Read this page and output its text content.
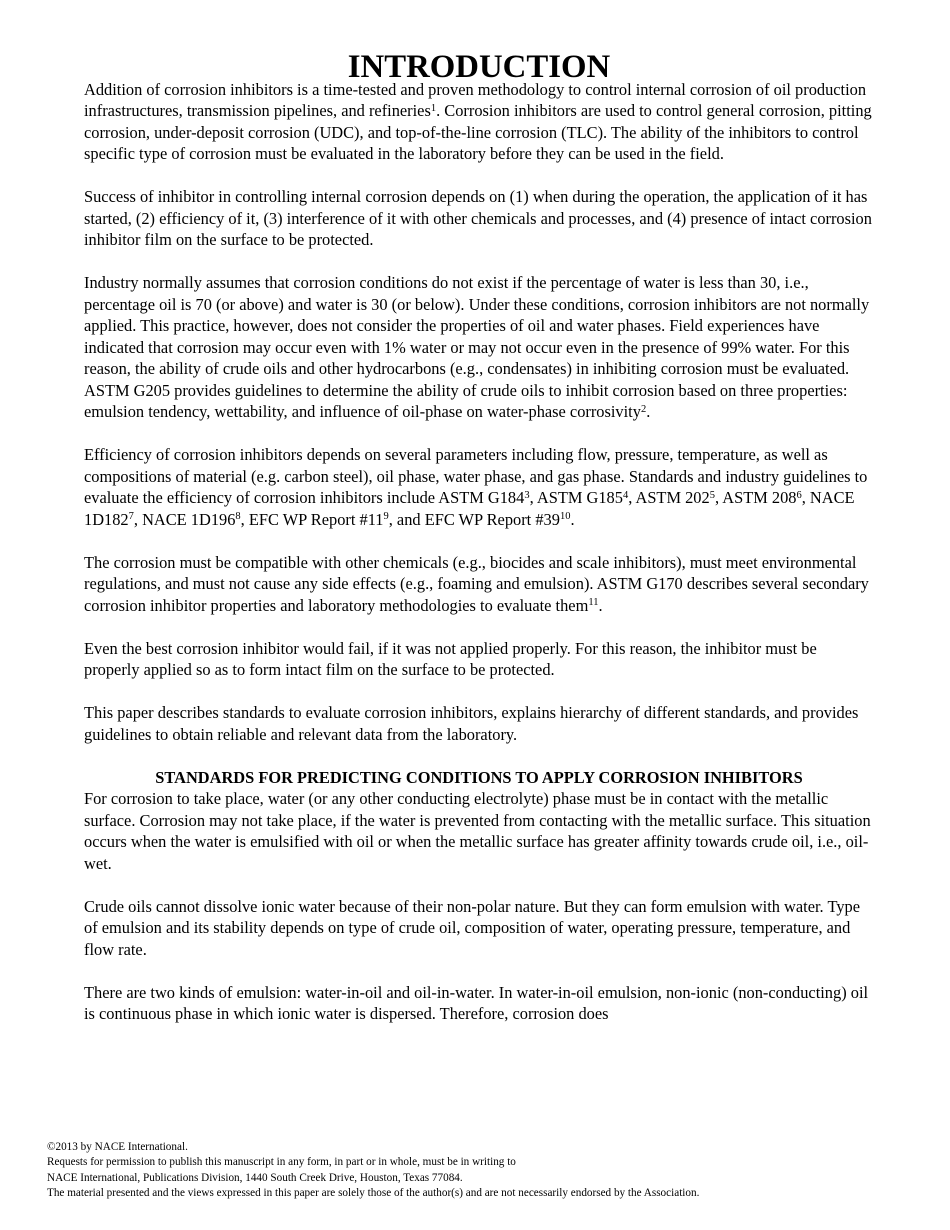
INTRODUCTION

Addition of corrosion inhibitors is a time-tested and proven methodology to control internal corrosion of oil production infrastructures, transmission pipelines, and refineries$^1$. Corrosion inhibitors are used to control general corrosion, pitting corrosion, under-deposit corrosion (UDC), and top-of-the-line corrosion (TLC). The ability of the inhibitors to control specific type of corrosion must be evaluated in the laboratory before they can be used in the field.

Success of inhibitor in controlling internal corrosion depends on (1) when during the operation, the application of it has started, (2) efficiency of it, (3) interference of it with other chemicals and processes, and (4) presence of intact corrosion inhibitor film on the surface to be protected.

Industry normally assumes that corrosion conditions do not exist if the percentage of water is less than 30, i.e., percentage oil is 70 (or above) and water is 30 (or below). Under these conditions, corrosion inhibitors are not normally applied. This practice, however, does not consider the properties of oil and water phases. Field experiences have indicated that corrosion may occur even with 1% water or may not occur even in the presence of 99% water. For this reason, the ability of crude oils and other hydrocarbons (e.g., condensates) in inhibiting corrosion must be evaluated. ASTM G205 provides guidelines to determine the ability of crude oils to inhibit corrosion based on three properties: emulsion tendency, wettability, and influence of oil-phase on water-phase corrosivity$^2$.

Efficiency of corrosion inhibitors depends on several parameters including flow, pressure, temperature, as well as compositions of material (e.g. carbon steel), oil phase, water phase, and gas phase. Standards and industry guidelines to evaluate the efficiency of corrosion inhibitors include ASTM $G184^3$, ASTM $G185^4$, ASTM $202^5$, ASTM $208^6$, NACE $1D182^7$, NACE $1D196^8$, EFC WP Report $\#11^9$, and EFC WP Report $\#39^{10}$.

The corrosion must be compatible with other chemicals (e.g., biocides and scale inhibitors), must meet environmental regulations, and must not cause any side effects (e.g., foaming and emulsion). ASTM G170 describes several secondary corrosion inhibitor properties and laboratory methodologies to evaluate them$^{11}$.

Even the best corrosion inhibitor would fail, if it was not applied properly. For this reason, the inhibitor must be properly applied so as to form intact film on the surface to be protected.

This paper describes standards to evaluate corrosion inhibitors, explains hierarchy of different standards, and provides guidelines to obtain reliable and relevant data from the laboratory.

STANDARDS FOR PREDICTING CONDITIONS TO APPLY CORROSION INHIBITORS

For corrosion to take place, water (or any other conducting electrolyte) phase must be in contact with the metallic surface. Corrosion may not take place, if the water is prevented from contacting with the metallic surface. This situation occurs when the water is emulsified with oil or when the metallic surface has greater affinity towards crude oil, i.e., oil-wet.

Crude oils cannot dissolve ionic water because of their non-polar nature. But they can form emulsion with water. Type of emulsion and its stability depends on type of crude oil, composition of water, operating pressure, temperature, and flow rate.

There are two kinds of emulsion: water-in-oil and oil-in-water. In water-in-oil emulsion, non-ionic (non-conducting) oil is continuous phase in which ionic water is dispersed. Therefore, corrosion does

©2013 by NACE International.
Requests for permission to publish this manuscript in any form, in part or in whole, must be in writing to
NACE International, Publications Division, 1440 South Creek Drive, Houston, Texas 77084.
The material presented and the views expressed in this paper are solely those of the author(s) and are not necessarily endorsed by the Association.
